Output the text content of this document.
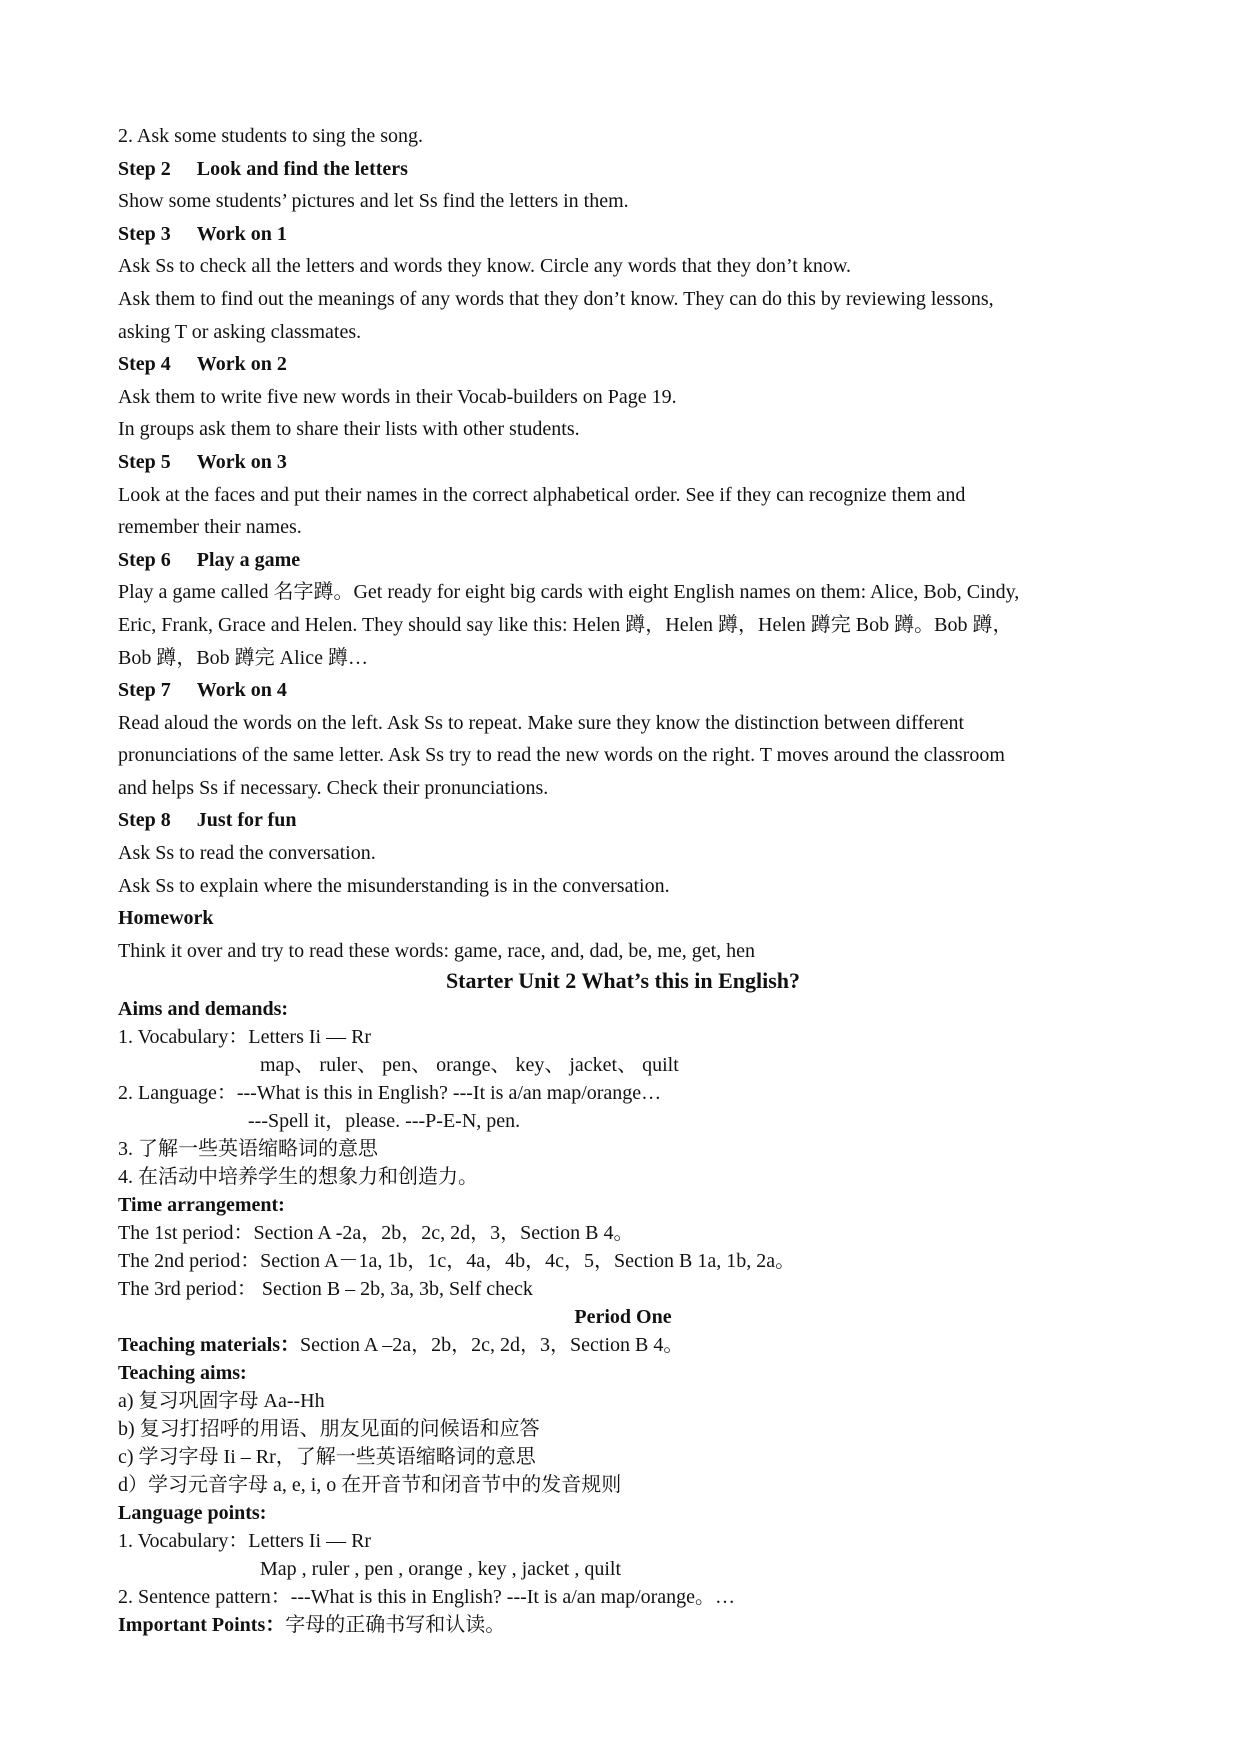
2. Ask some students to sing the song.
Step 2 Look and find the letters
Show some students’ pictures and let Ss find the letters in them.
Step 3 Work on 1
Ask Ss to check all the letters and words they know. Circle any words that they don’t know.
Ask them to find out the meanings of any words that they don’t know. They can do this by reviewing lessons,
asking T or asking classmates.
Step 4 Work on 2
Ask them to write five new words in their Vocab-builders on Page 19.
In groups ask them to share their lists with other students.
Step 5 Work on 3
Look at the faces and put their names in the correct alphabetical order. See if they can recognize them and
remember their names.
Step 6 Play a game
Play a game called 名字蹲。Get ready for eight big cards with eight English names on them: Alice, Bob, Cindy,
Eric, Frank, Grace and Helen. They should say like this: Helen 蹲，Helen 蹲，Helen 蹲完 Bob 蹲。Bob 蹲，
Bob 蹲，Bob 蹲完 Alice 蹲…
Step 7 Work on 4
Read aloud the words on the left. Ask Ss to repeat. Make sure they know the distinction between different
pronunciations of the same letter. Ask Ss try to read the new words on the right. T moves around the classroom
and helps Ss if necessary. Check their pronunciations.
Step 8 Just for fun
Ask Ss to read the conversation.
Ask Ss to explain where the misunderstanding is in the conversation.
Homework
Think it over and try to read these words: game, race, and, dad, be, me, get, hen
Starter Unit 2 What’s this in English?
Aims and demands:
1. Vocabulary：Letters Ii — Rr
map、 ruler、 pen、 orange、 key、 jacket、 quilt
2. Language：---What is this in English? ---It is a/an map/orange…
---Spell it，please. ---P-E-N, pen.
3. 了解一些英语缩略词的意思
4. 在活动中培养学生的想象力和创造力。
Time arrangement:
The 1st period：Section A -2a，2b，2c, 2d，3，Section B 4。
The 2nd period：Section A－1a, 1b，1c，4a，4b，4c，5，Section B 1a, 1b, 2a。
The 3rd period： Section B – 2b, 3a, 3b, Self check
Period One
Teaching materials：Section A –2a，2b，2c, 2d，3，Section B 4。
Teaching aims:
a) 复习巩固字母 Aa--Hh
b) 复习打招呼的用语、朋友见面的问候语和应答
c) 学习字母 Ii – Rr，了解一些英语缩略词的意思
d）学习元音字母 a, e, i, o 在开音节和闭音节中的发音规则
Language points:
1. Vocabulary：Letters Ii — Rr
Map , ruler , pen , orange , key , jacket , quilt
2. Sentence pattern：---What is this in English? ---It is a/an map/orange。…
Important Points：字母的正确书写和认读。
